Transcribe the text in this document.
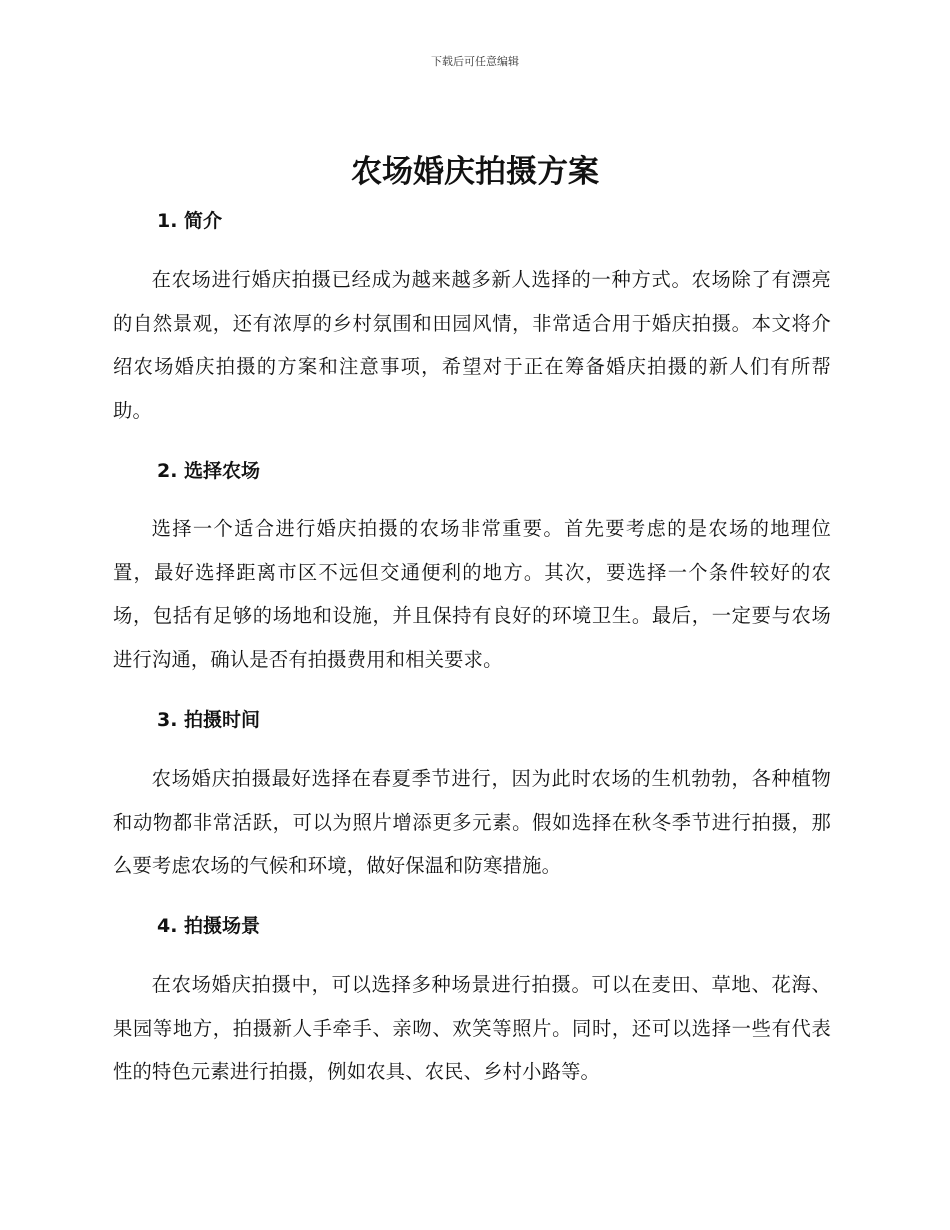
下载后可任意编辑
农场婚庆拍摄方案
1. 简介

在农场进行婚庆拍摄已经成为越来越多新人选择的一种方式。农场除了有漂亮的自然景观，还有浓厚的乡村氛围和田园风情，非常适合用于婚庆拍摄。本文将介绍农场婚庆拍摄的方案和注意事项，希望对于正在筹备婚庆拍摄的新人们有所帮助。

2. 选择农场

选择一个适合进行婚庆拍摄的农场非常重要。首先要考虑的是农场的地理位置，最好选择距离市区不远但交通便利的地方。其次，要选择一个条件较好的农场，包括有足够的场地和设施，并且保持有良好的环境卫生。最后，一定要与农场进行沟通，确认是否有拍摄费用和相关要求。

3. 拍摄时间

农场婚庆拍摄最好选择在春夏季节进行，因为此时农场的生机勃勃，各种植物和动物都非常活跃，可以为照片增添更多元素。假如选择在秋冬季节进行拍摄，那么要考虑农场的气候和环境，做好保温和防寒措施。

4. 拍摄场景

在农场婚庆拍摄中，可以选择多种场景进行拍摄。可以在麦田、草地、花海、果园等地方，拍摄新人手牵手、亲吻、欢笑等照片。同时，还可以选择一些有代表性的特色元素进行拍摄，例如农具、农民、乡村小路等。
